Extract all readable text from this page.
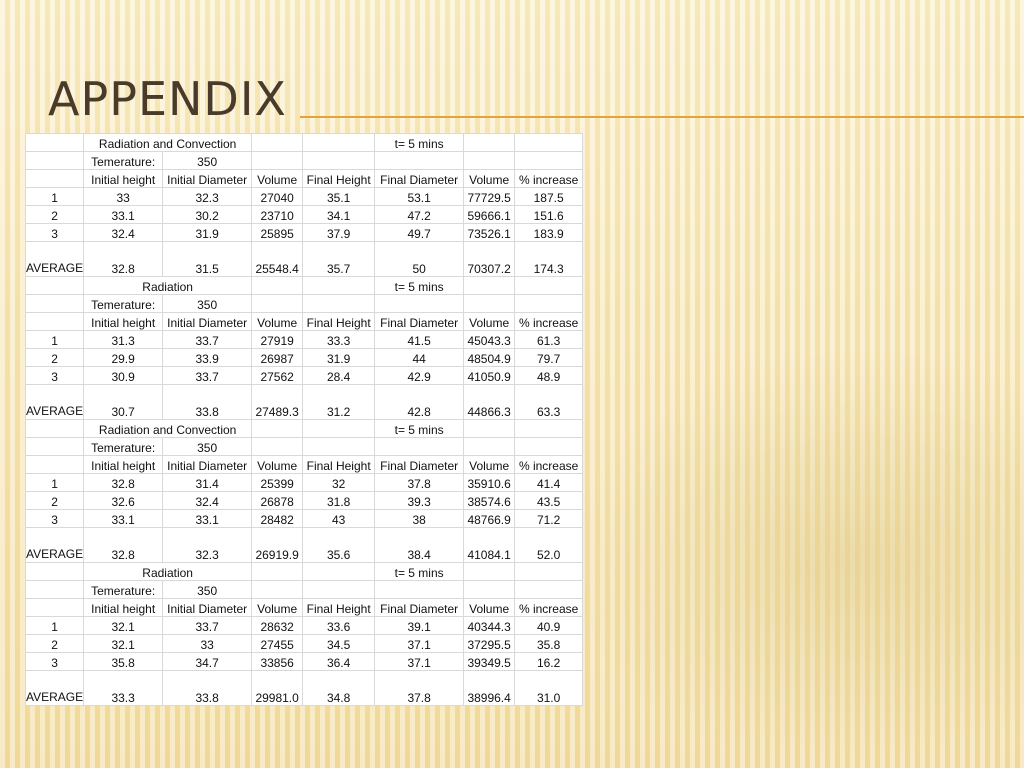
APPENDIX
	Radiation and Convection				t= 5 mins		
	Temerature:	350					
	Initial height	Initial Diameter	Volume	Final Height	Final Diameter	Volume	% increase
1	33	32.3	27040	35.1	53.1	77729.5	187.5
2	33.1	30.2	23710	34.1	47.2	59666.1	151.6
3	32.4	31.9	25895	37.9	49.7	73526.1	183.9
AVERAGE	32.8	31.5	25548.4	35.7	50	70307.2	174.3
	Radiation				t= 5 mins		
	Temerature:	350					
	Initial height	Initial Diameter	Volume	Final Height	Final Diameter	Volume	% increase
1	31.3	33.7	27919	33.3	41.5	45043.3	61.3
2	29.9	33.9	26987	31.9	44	48504.9	79.7
3	30.9	33.7	27562	28.4	42.9	41050.9	48.9
AVERAGE	30.7	33.8	27489.3	31.2	42.8	44866.3	63.3
	Radiation and Convection				t= 5 mins		
	Temerature:	350					
	Initial height	Initial Diameter	Volume	Final Height	Final Diameter	Volume	% increase
1	32.8	31.4	25399	32	37.8	35910.6	41.4
2	32.6	32.4	26878	31.8	39.3	38574.6	43.5
3	33.1	33.1	28482	43	38	48766.9	71.2
AVERAGE	32.8	32.3	26919.9	35.6	38.4	41084.1	52.0
	Radiation				t= 5 mins		
	Temerature:	350					
	Initial height	Initial Diameter	Volume	Final Height	Final Diameter	Volume	% increase
1	32.1	33.7	28632	33.6	39.1	40344.3	40.9
2	32.1	33	27455	34.5	37.1	37295.5	35.8
3	35.8	34.7	33856	36.4	37.1	39349.5	16.2
AVERAGE	33.3	33.8	29981.0	34.8	37.8	38996.4	31.0
